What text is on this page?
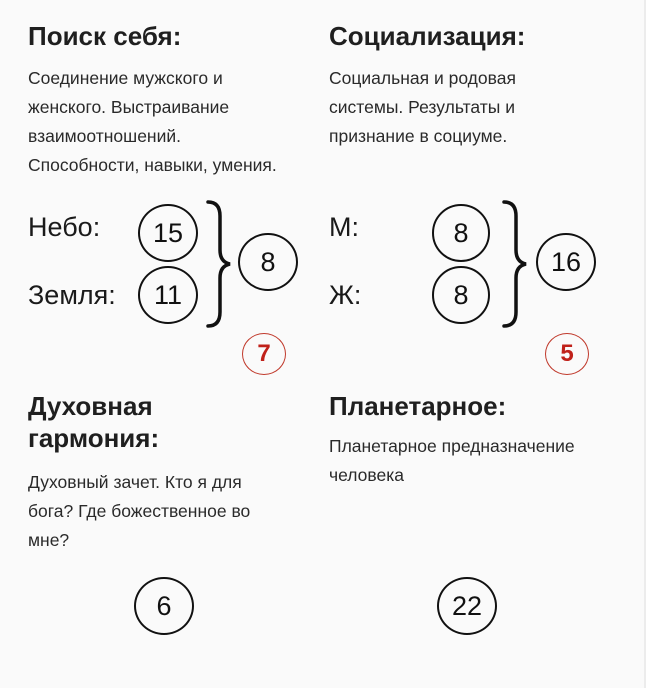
Поиск себя:
Соединение мужского и
женского. Выстраивание
взаимоотношений.
Способности, навыки, умения.
Небо:	15
Земля:	11
8
7
Социализация:
Социальная и родовая
системы. Результаты и
признание в социуме.
М:	8
Ж:	8
16
5
Духовная
гармония:
Духовный зачет. Кто я для
бога? Где божественное во
мне?
6
Планетарное:
Планетарное предназначение
человека
22
